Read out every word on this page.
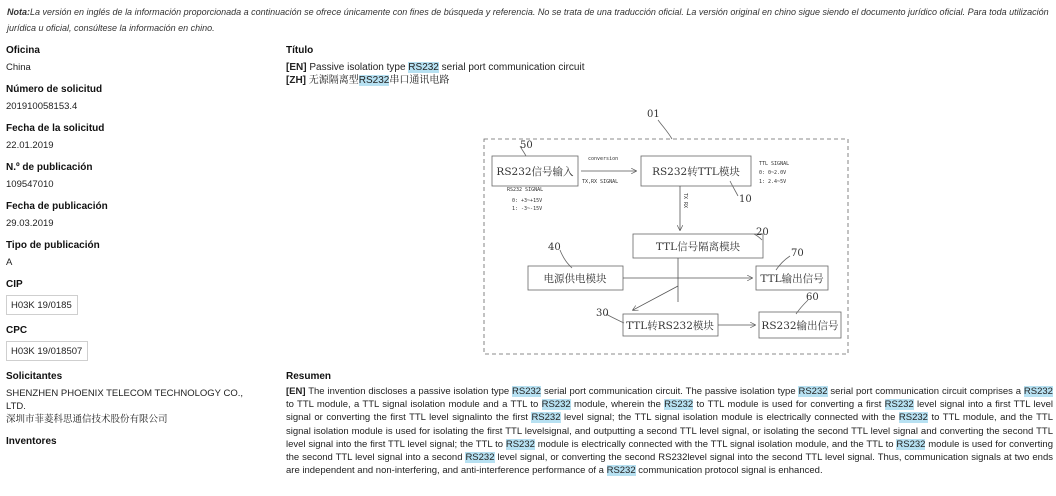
Nota:La versión en inglés de la información proporcionada a continuación se ofrece únicamente con fines de búsqueda y referencia. No se trata de una traducción oficial. La versión original en chino sigue siendo el documento jurídico oficial. Para toda utilización jurídica u oficial, consúltese la información en chino.
Oficina
China
Número de solicitud
201910058153.4
Fecha de la solicitud
22.01.2019
N.º de publicación
109547010
Fecha de publicación
29.03.2019
Tipo de publicación
A
CIP
H03K 19/0185
CPC
H03K 19/018507
Solicitantes
SHENZHEN PHOENIX TELECOM TECHNOLOGY CO., LTD.
深圳市菲菱科思通信技术股份有限公司
Inventores
Título
[EN] Passive isolation type RS232 serial port communication circuit
[ZH] 无源隔离型RS232串口通讯电路
01
50
10
40
20
70
30
60
RS232信号输入	RS232转TTL模块
TTL信号隔离模块
电源供电模块	TTL输出信号
TTL转RS232模块	RS232输出信号
conversion
TX,RX SIGNAL
RS232 SIGNAL
0: +3~+15V
1: -3~-15V
TTL SIGNAL
0: 0~2.0V
1: 2.4~5V
TX RX
Resumen
[EN] The invention discloses a passive isolation type RS232 serial port communication circuit. The passive isolation type RS232 serial port communication circuit comprises a RS232 to TTL module, a TTL signal isolation module and a TTL to RS232 module, wherein the RS232 to TTL module is used for converting a first RS232 level signal into a first TTL level signal or converting the first TTL level signalinto the first RS232 level signal; the TTL signal isolation module is electrically connected with the RS232 to TTL module, and the TTL signal isolation module is used for isolating the first TTL levelsignal, and outputting a second TTL level signal, or isolating the second TTL level signal and converting the second TTL level signal into the first TTL level signal; the TTL to RS232 module is electrically connected with the TTL signal isolation module, and the TTL to RS232 module is used for converting the second TTL level signal into a second RS232 level signal, or converting the second RS232level signal into the second TTL level signal. Thus, communication signals at two ends are independent and non-interfering, and anti-interference performance of a RS232 communication protocol signal is enhanced.
